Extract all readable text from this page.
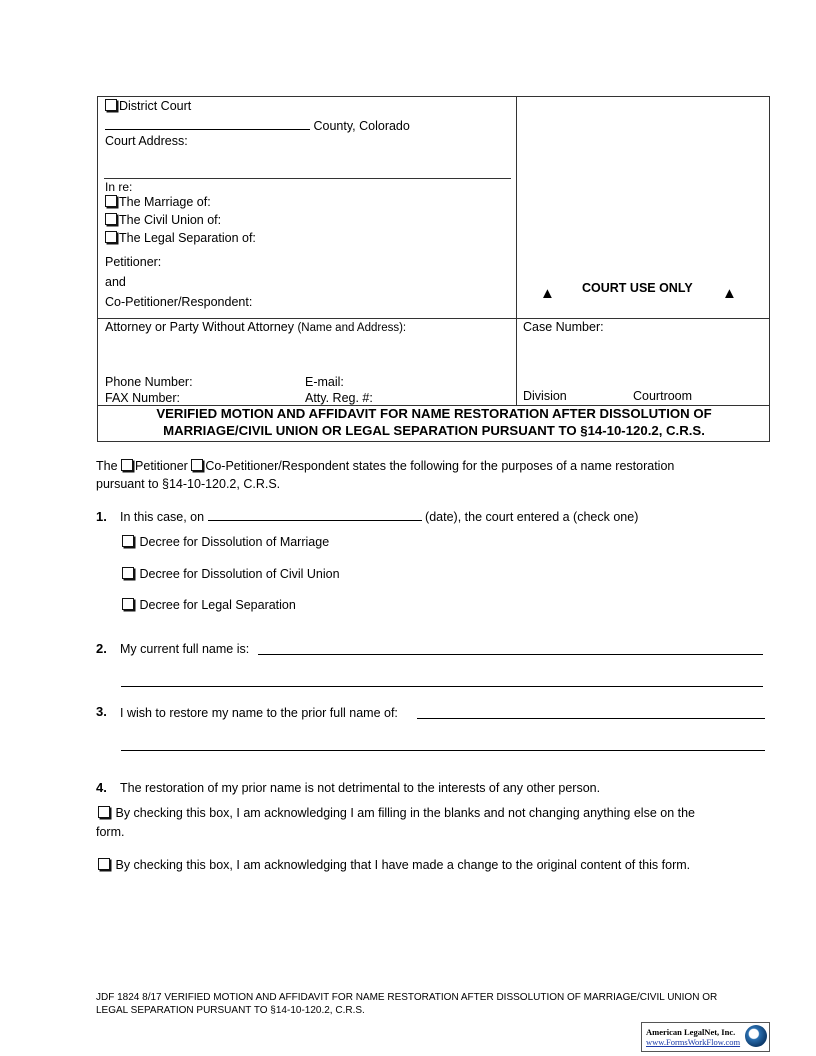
District Court
County, Colorado
Court Address:
In re:
The Marriage of:
The Civil Union of:
The Legal Separation of:
Petitioner:
and
Co-Petitioner/Respondent:	▲ COURT USE ONLY ▲
Attorney or Party Without Attorney (Name and Address):
Phone Number:	E-mail:
FAX Number:	Atty. Reg. #:
Case Number:
Division	Courtroom
VERIFIED MOTION AND AFFIDAVIT FOR NAME RESTORATION AFTER DISSOLUTION OF
MARRIAGE/CIVIL UNION OR LEGAL SEPARATION PURSUANT TO §14-10-120.2, C.R.S.
The Petitioner Co-Petitioner/Respondent states the following for the purposes of a name restoration
pursuant to §14-10-120.2, C.R.S.
1. In this case, on	(date), the court entered a (check one)
Decree for Dissolution of Marriage
Decree for Dissolution of Civil Union
Decree for Legal Separation
2. My current full name is:
3. I wish to restore my name to the prior full name of:
4. The restoration of my prior name is not detrimental to the interests of any other person.
By checking this box, I am acknowledging I am filling in the blanks and not changing anything else on the
form.
By checking this box, I am acknowledging that I have made a change to the original content of this form.
JDF 1824 8/17 VERIFIED MOTION AND AFFIDAVIT FOR NAME RESTORATION AFTER DISSOLUTION OF MARRIAGE/CIVIL UNION OR
LEGAL SEPARATION PURSUANT TO §14-10-120.2, C.R.S.
American LegalNet, Inc.
www.FormsWorkFlow.com
